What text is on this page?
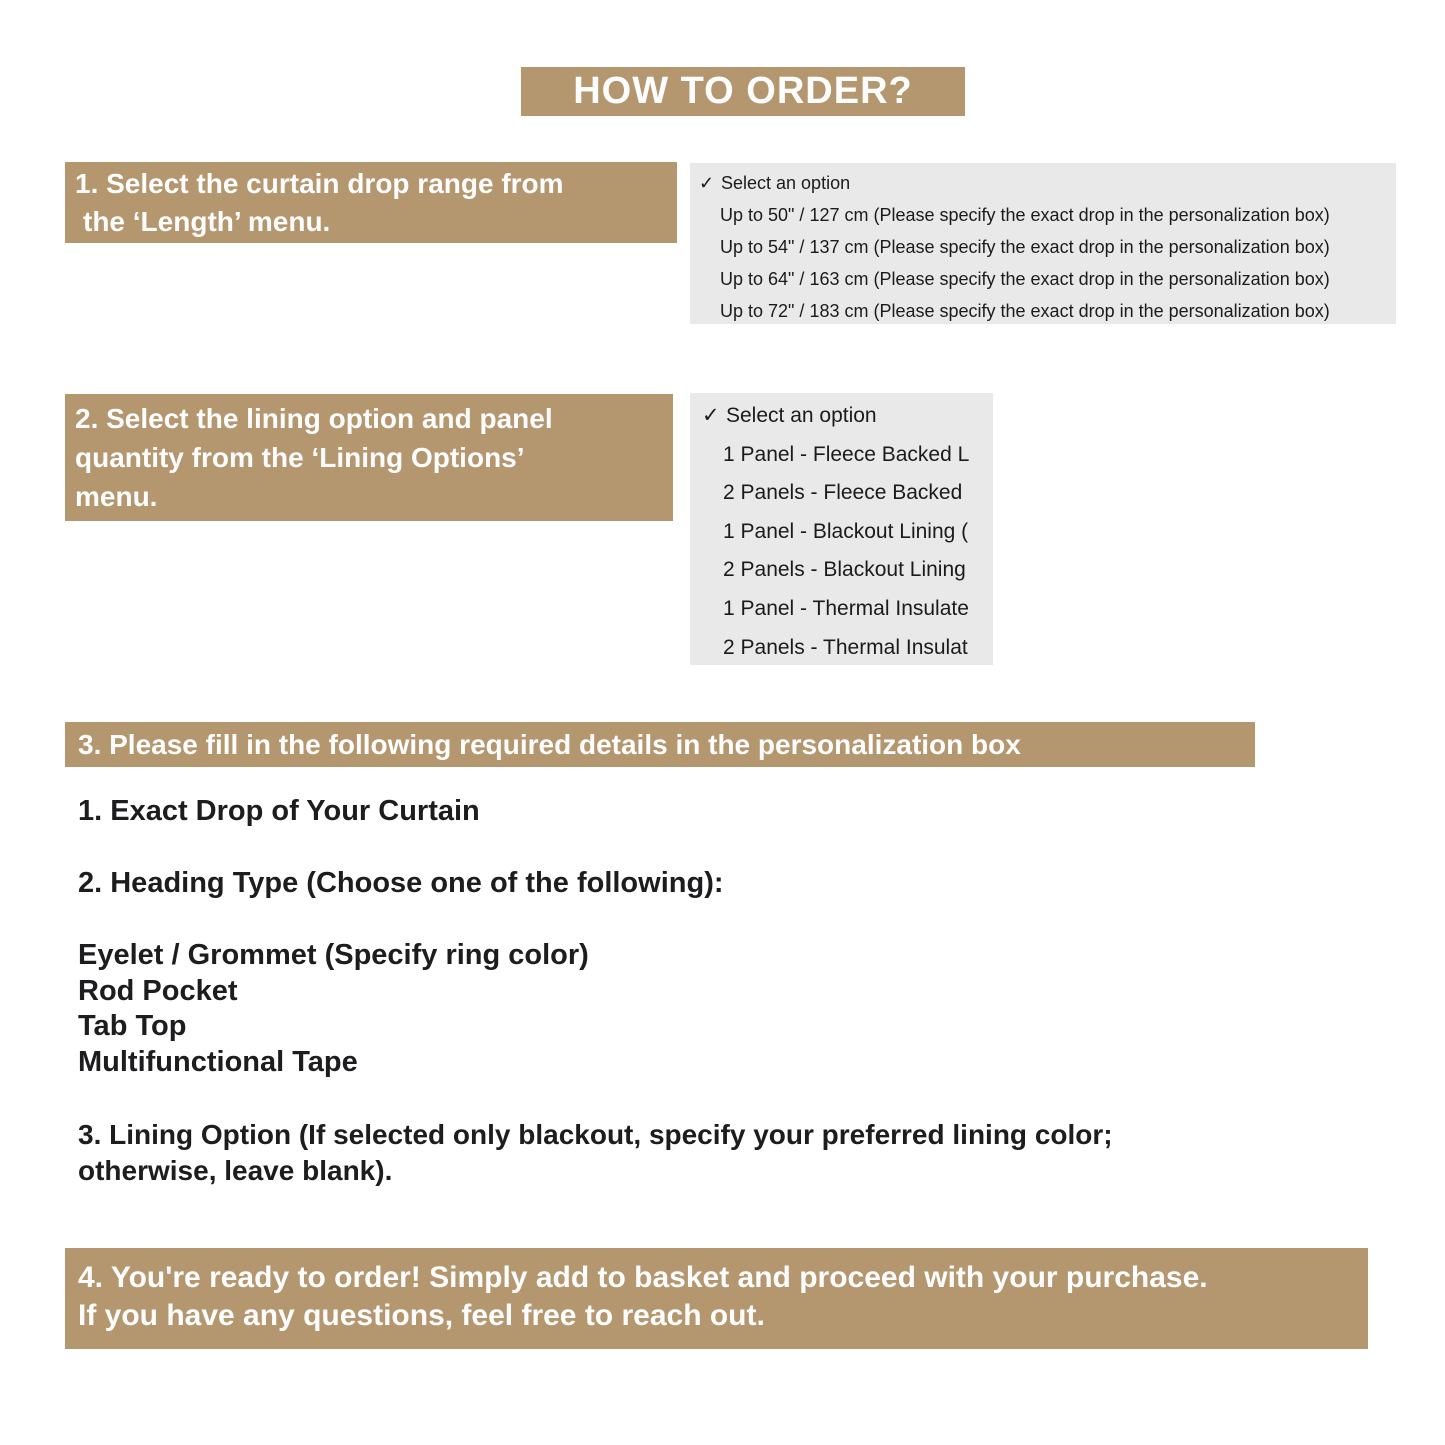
HOW TO ORDER?
1. Select the curtain drop range from
the ‘Length’ menu.
✓ Select an option
Up to 50" / 127 cm (Please specify the exact drop in the personalization box)
Up to 54" / 137 cm (Please specify the exact drop in the personalization box)
Up to 64" / 163 cm (Please specify the exact drop in the personalization box)
Up to 72" / 183 cm (Please specify the exact drop in the personalization box)
2. Select the lining option and panel
quantity from the ‘Lining Options’
menu.
✓ Select an option
1 Panel - Fleece Backed L
2 Panels - Fleece Backed
1 Panel - Blackout Lining (
2 Panels - Blackout Lining
1 Panel - Thermal Insulate
2 Panels - Thermal Insulat
3. Please fill in the following required details in the personalization box
1. Exact Drop of Your Curtain
2. Heading Type (Choose one of the following):
Eyelet / Grommet (Specify ring color)
Rod Pocket
Tab Top
Multifunctional Tape
3. Lining Option (If selected only blackout, specify your preferred lining color;
otherwise, leave blank).
4. You're ready to order! Simply add to basket and proceed with your purchase.
If you have any questions, feel free to reach out.
